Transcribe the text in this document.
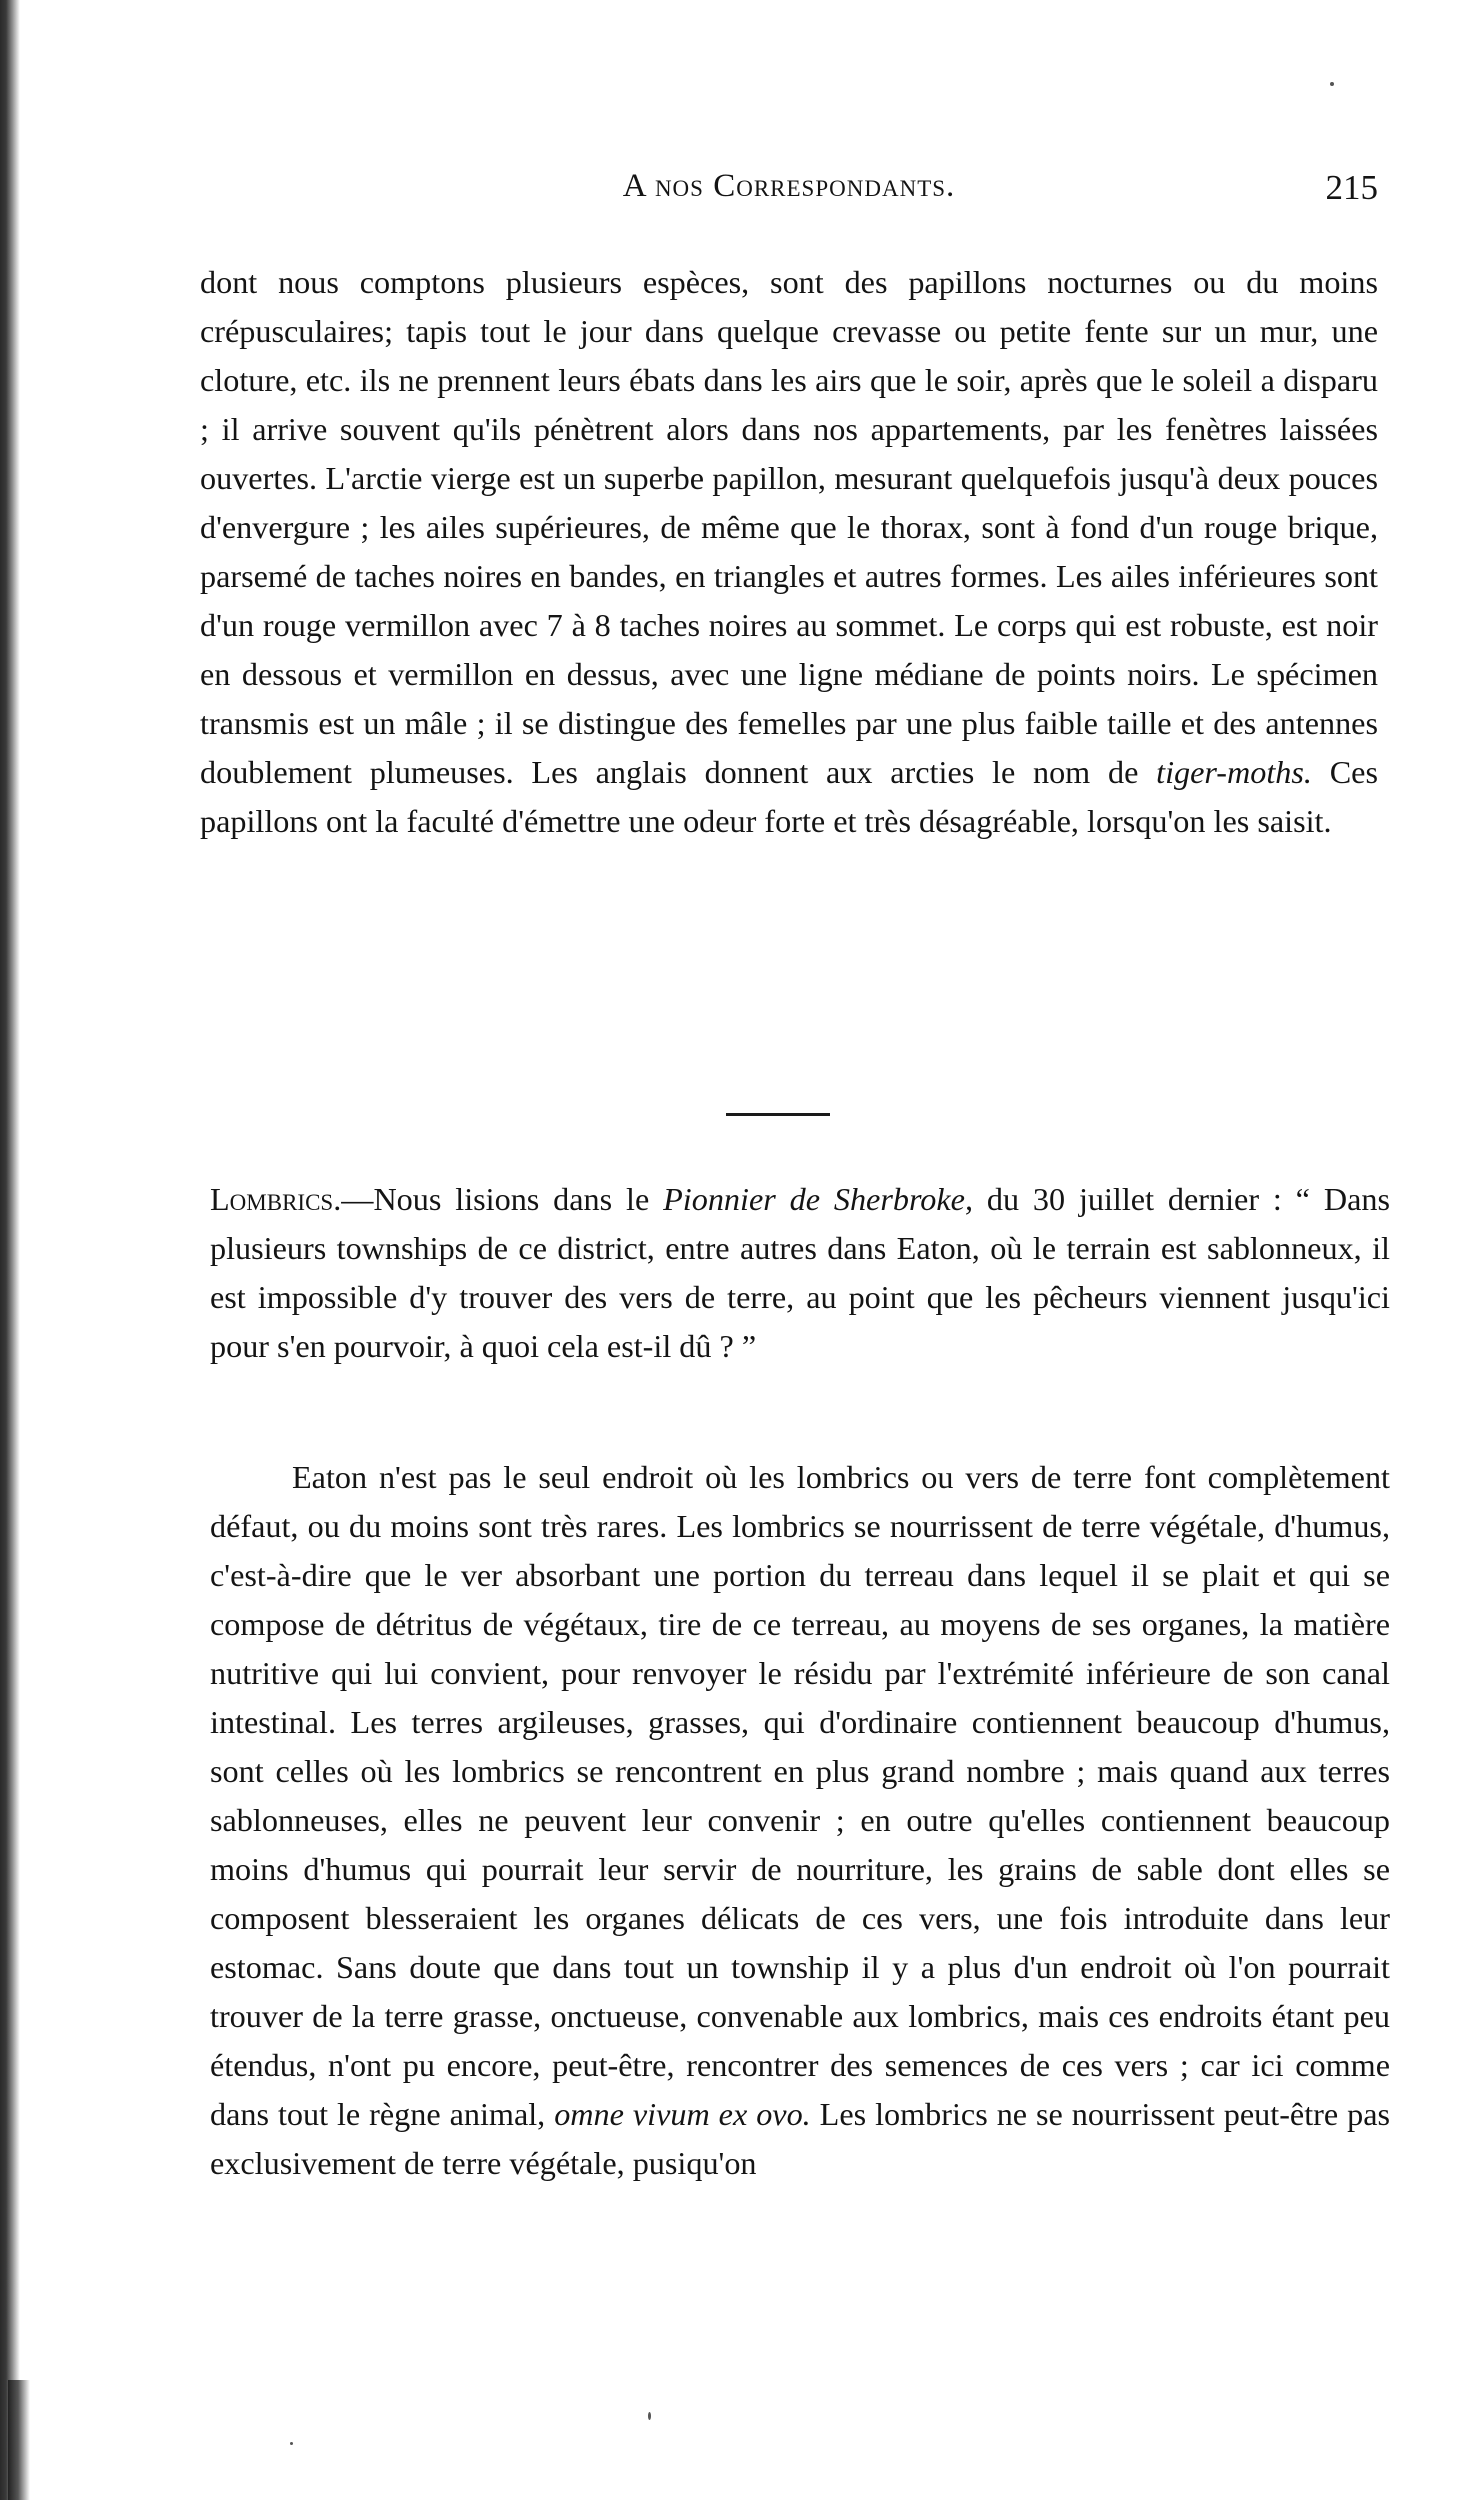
A nos Correspondants.	215

dont nous comptons plusieurs espèces, sont des papillons nocturnes ou du moins crépusculaires; tapis tout le jour dans quelque crevasse ou petite fente sur un mur, une cloture, etc. ils ne prennent leurs ébats dans les airs que le soir, après que le soleil a disparu ; il arrive souvent qu'ils pénètrent alors dans nos appartements, par les fenètres laissées ouvertes. L'arctie vierge est un superbe papillon, mesurant quelquefois jusqu'à deux pouces d'envergure ; les ailes supérieures, de même que le thorax, sont à fond d'un rouge brique, parsemé de taches noires en bandes, en triangles et autres formes. Les ailes inférieures sont d'un rouge vermillon avec 7 à 8 taches noires au sommet. Le corps qui est robuste, est noir en dessous et vermillon en dessus, avec une ligne médiane de points noirs. Le spécimen transmis est un mâle ; il se distingue des femelles par une plus faible taille et des antennes doublement plumeuses. Les anglais donnent aux arcties le nom de tiger-moths. Ces papillons ont la faculté d'émettre une odeur forte et très désagréable, lorsqu'on les saisit.

Lombrics.—Nous lisions dans le Pionnier de Sherbroke, du 30 juillet dernier : “ Dans plusieurs townships de ce district, entre autres dans Eaton, où le terrain est sablonneux, il est impossible d'y trouver des vers de terre, au point que les pêcheurs viennent jusqu'ici pour s'en pourvoir, à quoi cela est-il dû ? ”

Eaton n'est pas le seul endroit où les lombrics ou vers de terre font complètement défaut, ou du moins sont très rares. Les lombrics se nourrissent de terre végétale, d'humus, c'est-à-dire que le ver absorbant une portion du terreau dans lequel il se plait et qui se compose de détritus de végétaux, tire de ce terreau, au moyens de ses organes, la matière nutritive qui lui convient, pour renvoyer le résidu par l'extrémité inférieure de son canal intestinal. Les terres argileuses, grasses, qui d'ordinaire contiennent beaucoup d'humus, sont celles où les lombrics se rencontrent en plus grand nombre ; mais quand aux terres sablonneuses, elles ne peuvent leur convenir ; en outre qu'elles contiennent beaucoup moins d'humus qui pourrait leur servir de nourriture, les grains de sable dont elles se composent blesseraient les organes délicats de ces vers, une fois introduite dans leur estomac. Sans doute que dans tout un township il y a plus d'un endroit où l'on pourrait trouver de la terre grasse, onctueuse, convenable aux lombrics, mais ces endroits étant peu étendus, n'ont pu encore, peut-être, rencontrer des semences de ces vers ; car ici comme dans tout le règne animal, omne vivum ex ovo. Les lombrics ne se nourrissent peut-être pas exclusivement de terre végétale, pusiqu'on
